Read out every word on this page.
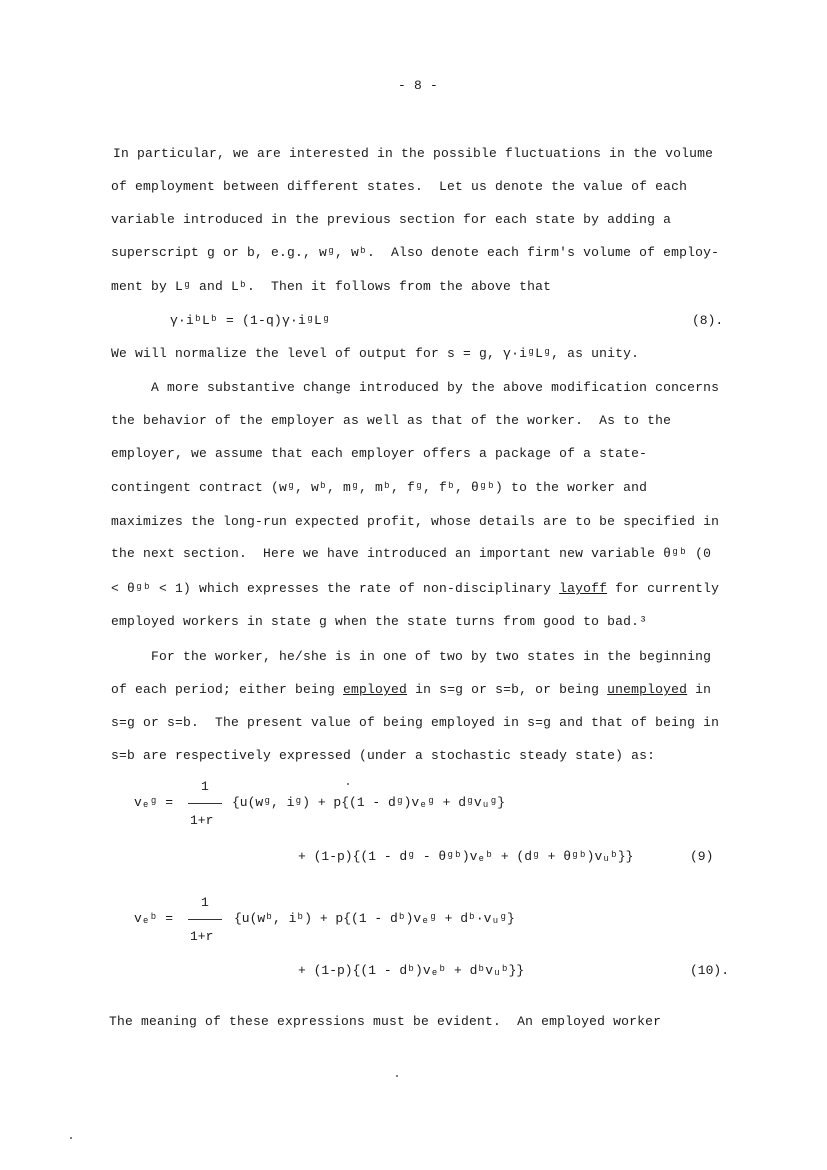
- 8 -
In particular, we are interested in the possible fluctuations in the volume
of employment between different states.  Let us denote the value of each
variable introduced in the previous section for each state by adding a
superscript g or b, e.g., wᵍ, wᵇ.  Also denote each firm's volume of employ-
ment by Lᵍ and Lᵇ.  Then it follows from the above that
γ·iᵇLᵇ = (1-q)γ·iᵍLᵍ	(8).
We will normalize the level of output for s = g, γ·iᵍLᵍ, as unity.
A more substantive change introduced by the above modification concerns
the behavior of the employer as well as that of the worker.  As to the
employer, we assume that each employer offers a package of a state-
contingent contract (wᵍ, wᵇ, mᵍ, mᵇ, fᵍ, fᵇ, θᵍᵇ) to the worker and
maximizes the long-run expected profit, whose details are to be specified in
the next section.  Here we have introduced an important new variable θᵍᵇ (0
< θᵍᵇ < 1) which expresses the rate of non-disciplinary layoff for currently
employed workers in state g when the state turns from good to bad.³
For the worker, he/she is in one of two by two states in the beginning
of each period; either being employed in s=g or s=b, or being unemployed in
s=g or s=b.  The present value of being employed in s=g and that of being in
s=b are respectively expressed (under a stochastic steady state) as:
vₑᵍ =
1
1+r
{u(wᵍ, iᵍ) + p{(1 - dᵍ)vₑᵍ + dᵍvᵤᵍ}
+ (1-p){(1 - dᵍ - θᵍᵇ)vₑᵇ + (dᵍ + θᵍᵇ)vᵤᵇ}}	(9)
vₑᵇ =
1
1+r
{u(wᵇ, iᵇ) + p{(1 - dᵇ)vₑᵍ + dᵇ·vᵤᵍ}
+ (1-p){(1 - dᵇ)vₑᵇ + dᵇvᵤᵇ}}	(10).
The meaning of these expressions must be evident.  An employed worker
